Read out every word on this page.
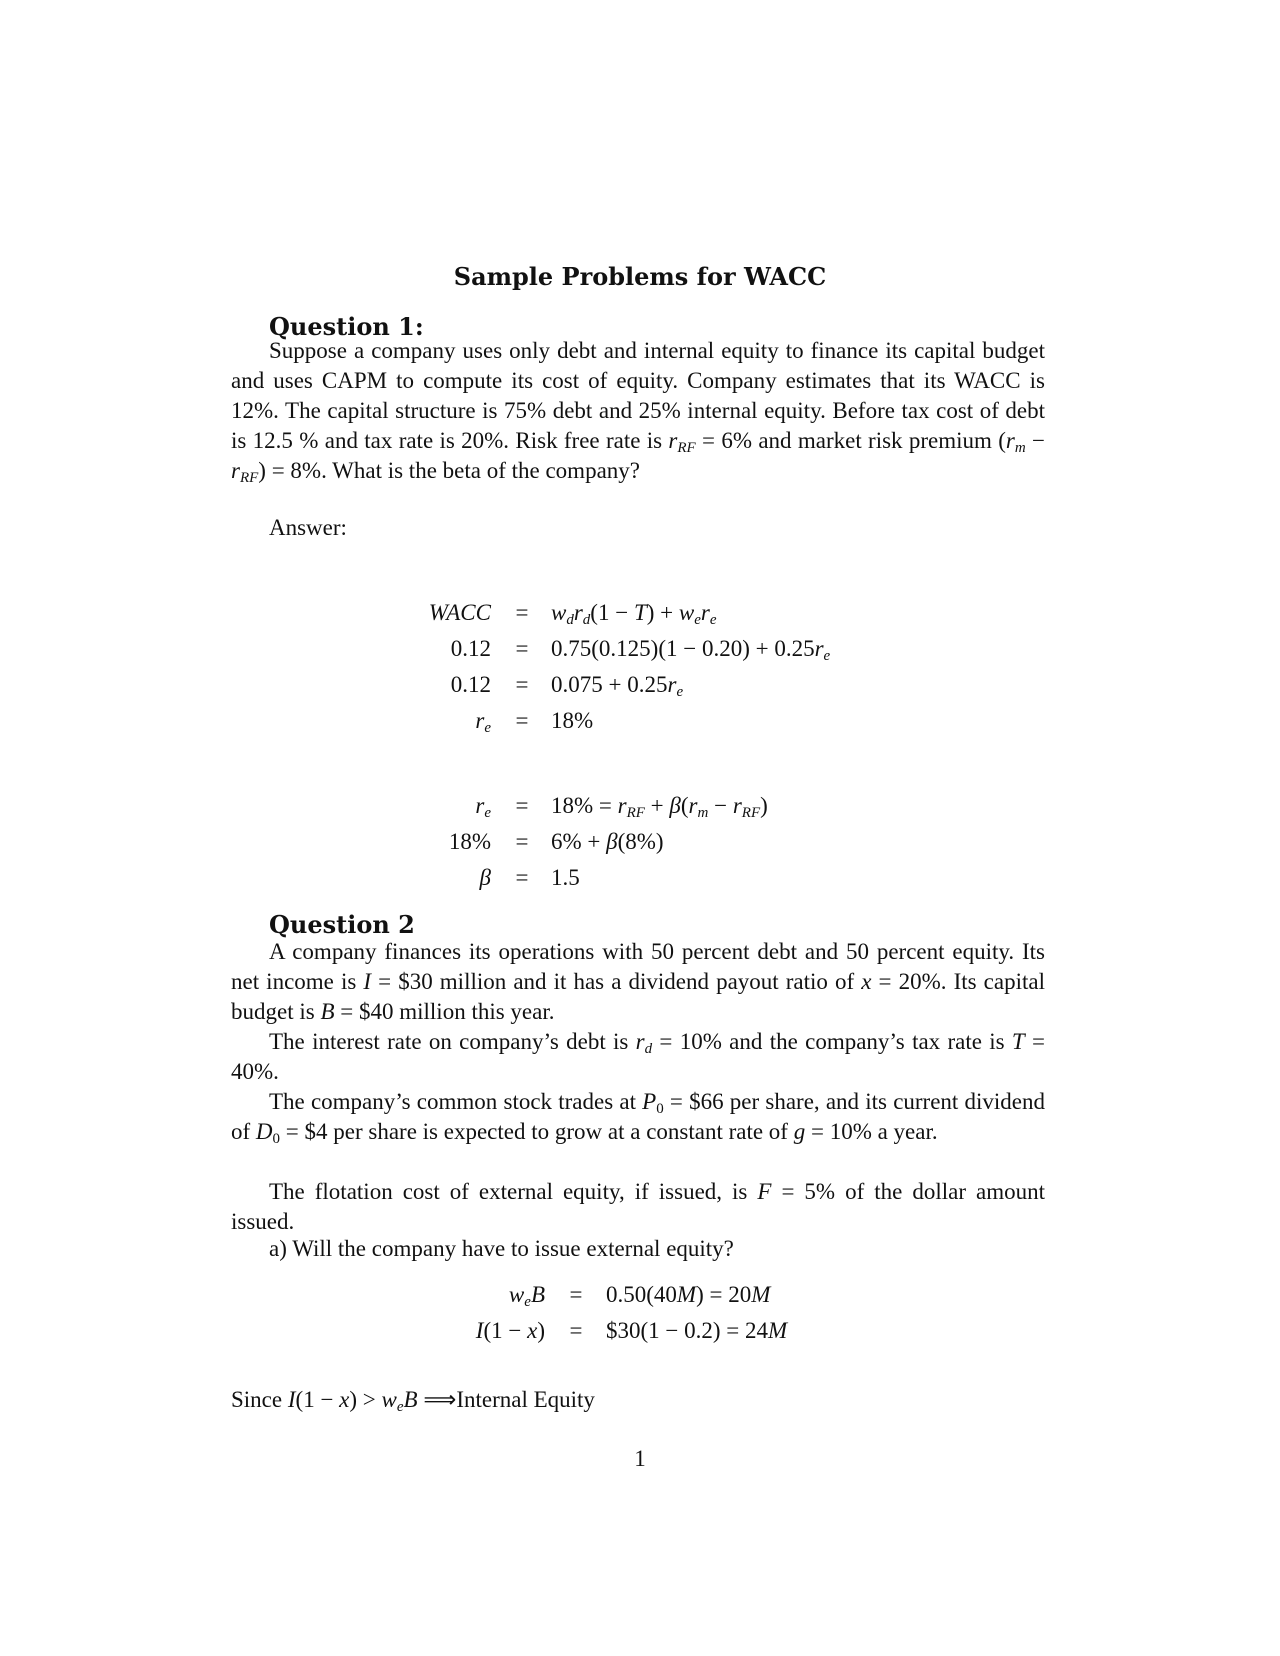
Sample Problems for WACC
Question 1:
Suppose a company uses only debt and internal equity to finance its capital budget and uses CAPM to compute its cost of equity. Company estimates that its WACC is 12%. The capital structure is 75% debt and 25% internal equity. Before tax cost of debt is 12.5 % and tax rate is 20%. Risk free rate is $r_{RF} = 6\%$ and market risk premium $(r_m - r_{RF}) = 8\%$. What is the beta of the company?
Answer:
WACC
0.12
0.12
$r_e$
=
=
=
=
$w_dr_d(1 - T) + w_er_e$
$0.75(0.125)(1 - 0.20) + 0.25r_e$
$0.075 + 0.25r_e$
18%
$r_e$
18%
β
=
=
=
$18\% = r_{RF} + \beta(r_m - r_{RF})$
6% + β(8%)
1.5
Question 2
A company finances its operations with 50 percent debt and 50 percent equity. Its net income is I = $30 million and it has a dividend payout ratio of x = 20%. Its capital budget is B = $40 million this year.
The interest rate on company’s debt is $r_d = 10\%$ and the company’s tax rate is T = 40%.
The company’s common stock trades at $P_0$ = $66 per share, and its current dividend of $D_0$ = $4 per share is expected to grow at a constant rate of g = 10% a year.
The flotation cost of external equity, if issued, is F = 5% of the dollar amount issued.
a) Will the company have to issue external equity?
$w_eB$
I(1 − x)
=
=
0.50(40M) = 20M
$30(1 − 0.2) = 24M
Since $I(1 - x) > w_eB$ ⟹Internal Equity
1
